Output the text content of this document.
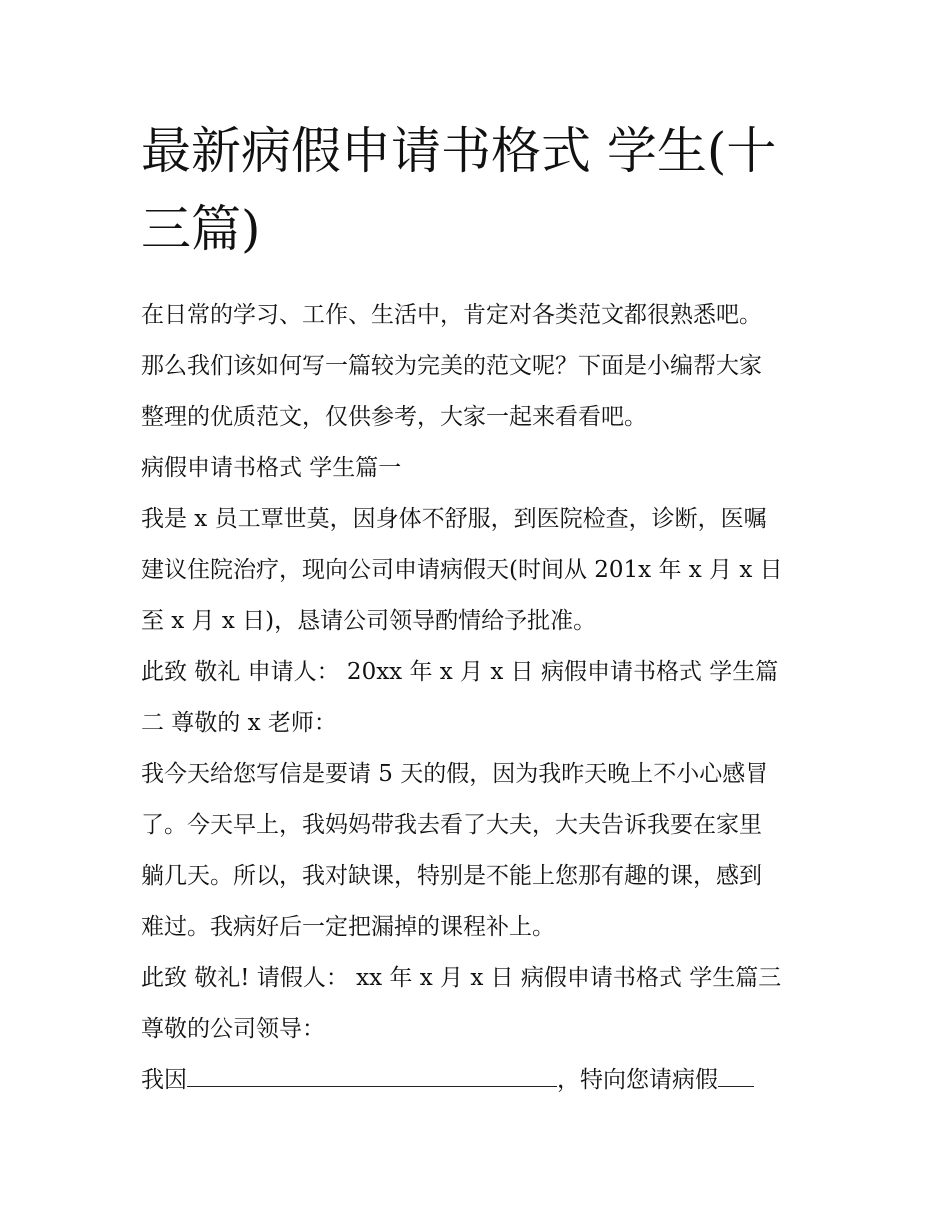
最新病假申请书格式 学生(十
三篇)
在日常的学习、工作、生活中，肯定对各类范文都很熟悉吧。
那么我们该如何写一篇较为完美的范文呢？下面是小编帮大家
整理的优质范文，仅供参考，大家一起来看看吧。
病假申请书格式 学生篇一
我是 x 员工覃世莫，因身体不舒服，到医院检查，诊断，医嘱
建议住院治疗，现向公司申请病假天(时间从 201x 年 x 月 x 日
至 x 月 x 日)，恳请公司领导酌情给予批准。
此致 敬礼 申请人： 20xx 年 x 月 x 日 病假申请书格式 学生篇
二 尊敬的 x 老师：
我今天给您写信是要请 5 天的假，因为我昨天晚上不小心感冒
了。今天早上，我妈妈带我去看了大夫，大夫告诉我要在家里
躺几天。所以，我对缺课，特别是不能上您那有趣的课，感到
难过。我病好后一定把漏掉的课程补上。
此致 敬礼! 请假人： xx 年 x 月 x 日 病假申请书格式 学生篇三
尊敬的公司领导：
我因	，特向您请病假
